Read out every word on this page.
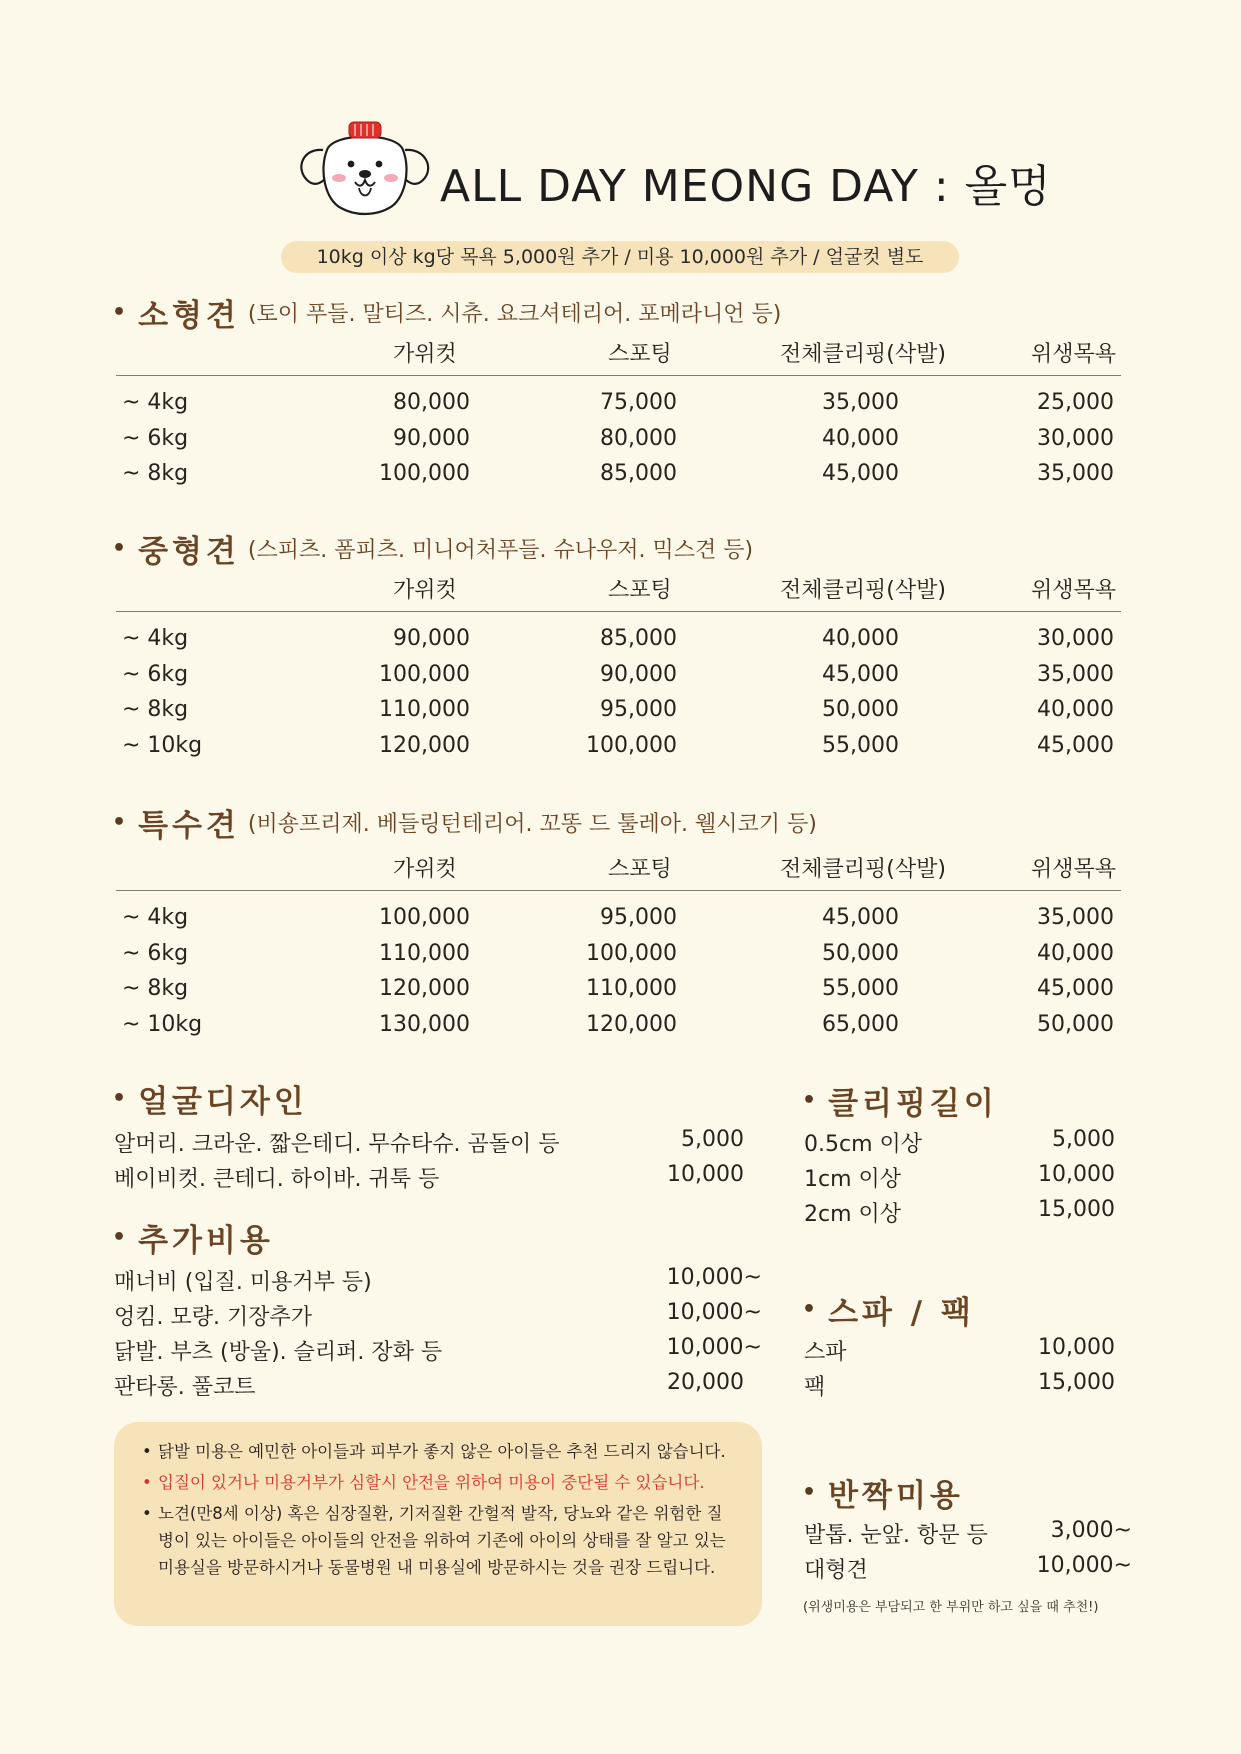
ALL DAY MEONG DAY : 올멍
10kg 이상 kg당 목욕 5,000원 추가 / 미용 10,000원 추가 / 얼굴컷 별도
• 소형견 (토이 푸들. 말티즈. 시츄. 요크셔테리어. 포메라니언 등)
가위컷	스포팅	전체클리핑(삭발)	위생목욕
~ 4kg	80,000	75,000	35,000	25,000
~ 6kg	90,000	80,000	40,000	30,000
~ 8kg	100,000	85,000	45,000	35,000
• 중형견 (스피츠. 폼피츠. 미니어처푸들. 슈나우저. 믹스견 등)
가위컷	스포팅	전체클리핑(삭발)	위생목욕
~ 4kg	90,000	85,000	40,000	30,000
~ 6kg	100,000	90,000	45,000	35,000
~ 8kg	110,000	95,000	50,000	40,000
~ 10kg	120,000	100,000	55,000	45,000
• 특수견 (비숑프리제. 베들링턴테리어. 꼬똥 드 툴레아. 웰시코기 등)
가위컷	스포팅	전체클리핑(삭발)	위생목욕
~ 4kg	100,000	95,000	45,000	35,000
~ 6kg	110,000	100,000	50,000	40,000
~ 8kg	120,000	110,000	55,000	45,000
~ 10kg	130,000	120,000	65,000	50,000
• 얼굴디자인
알머리. 크라운. 짧은테디. 무슈타슈. 곰돌이 등	5,000
베이비컷. 큰테디. 하이바. 귀툭 등	10,000
• 추가비용
매너비 (입질. 미용거부 등)	10,000~
엉킴. 모량. 기장추가	10,000~
닭발. 부츠 (방울). 슬리퍼. 장화 등	10,000~
판타롱. 풀코트	20,000
• 닭발 미용은 예민한 아이들과 피부가 좋지 않은 아이들은 추천 드리지 않습니다.
• 입질이 있거나 미용거부가 심할시 안전을 위하여 미용이 중단될 수 있습니다.
• 노견(만8세 이상) 혹은 심장질환, 기저질환 간헐적 발작, 당뇨와 같은 위험한 질병이 있는 아이들은 아이들의 안전을 위하여 기존에 아이의 상태를 잘 알고 있는 미용실을 방문하시거나 동물병원 내 미용실에 방문하시는 것을 권장 드립니다.
• 클리핑길이
0.5cm 이상	5,000
1cm 이상	10,000
2cm 이상	15,000
• 스파 / 팩
스파	10,000
팩	15,000
• 반짝미용
발톱. 눈앞. 항문 등	3,000~
대형견	10,000~
(위생미용은 부담되고 한 부위만 하고 싶을 때 추천!)
